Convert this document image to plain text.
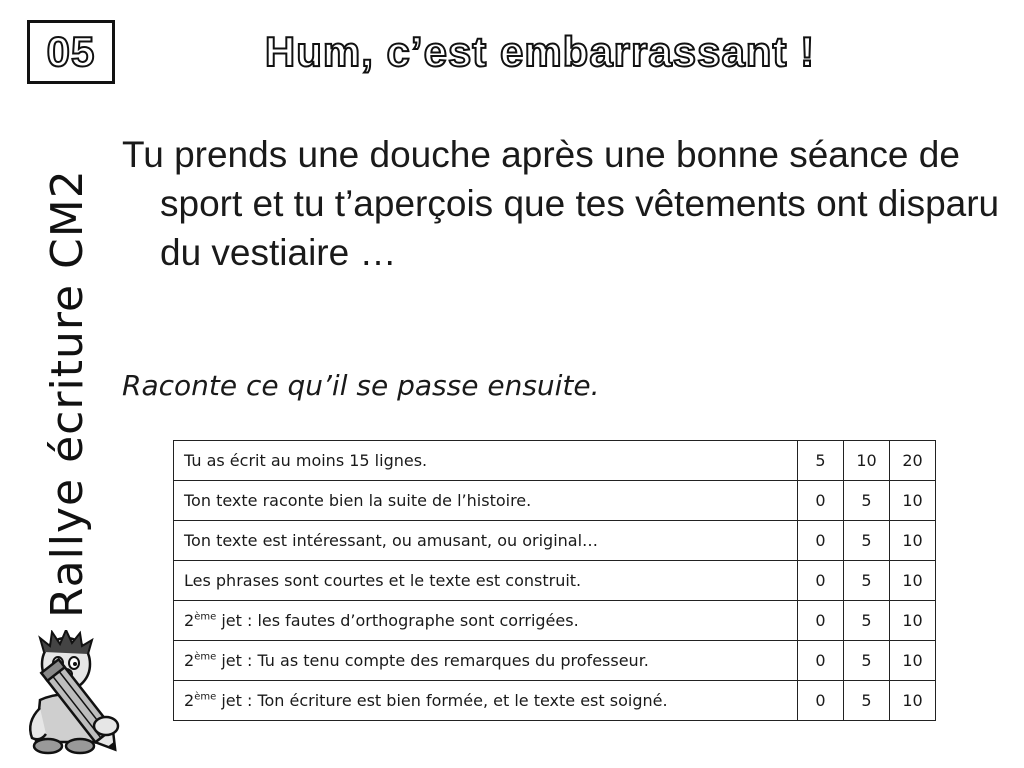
05	Hum, c’est embarrassant !
Rallye écriture CM2

Tu prends une douche après une bonne séance de sport et tu t’aperçois que tes vêtements ont disparu du vestiaire …

Raconte ce qu’il se passe ensuite.

Tu as écrit au moins 15 lignes.	5	10	20
Ton texte raconte bien la suite de l’histoire.	0	5	10
Ton texte est intéressant, ou amusant, ou original…	0	5	10
Les phrases sont courtes et le texte est construit.	0	5	10
2ème jet : les fautes d’orthographe sont corrigées.	0	5	10
2ème jet : Tu as tenu compte des remarques du professeur.	0	5	10
2ème jet : Ton écriture est bien formée, et le texte est soigné.	0	5	10
